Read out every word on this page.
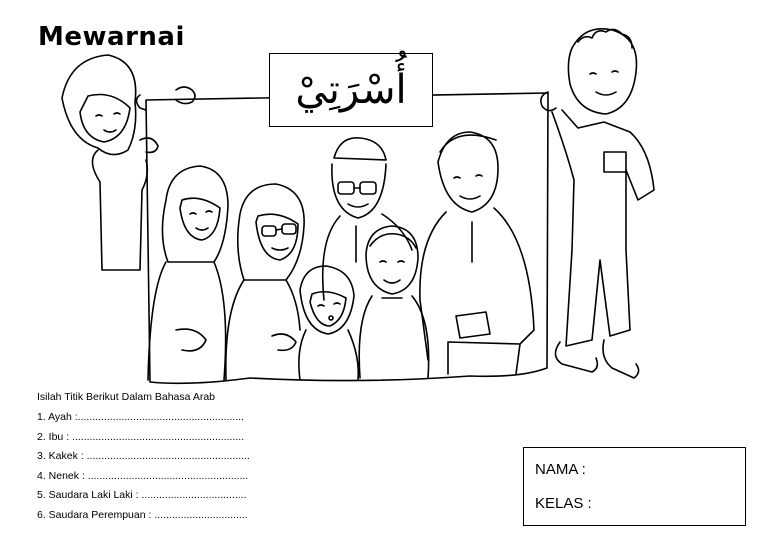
Mewarnai
أُسْرَتِيْ
Isilah Titik Berikut Dalam Bahasa Arab
1. Ayah :.........................................................
2. Ibu : ...........................................................
3. Kakek : ........................................................
4. Nenek : .......................................................
5. Saudara Laki Laki : ....................................
6. Saudara Perempuan : ................................
NAMA :
KELAS :
